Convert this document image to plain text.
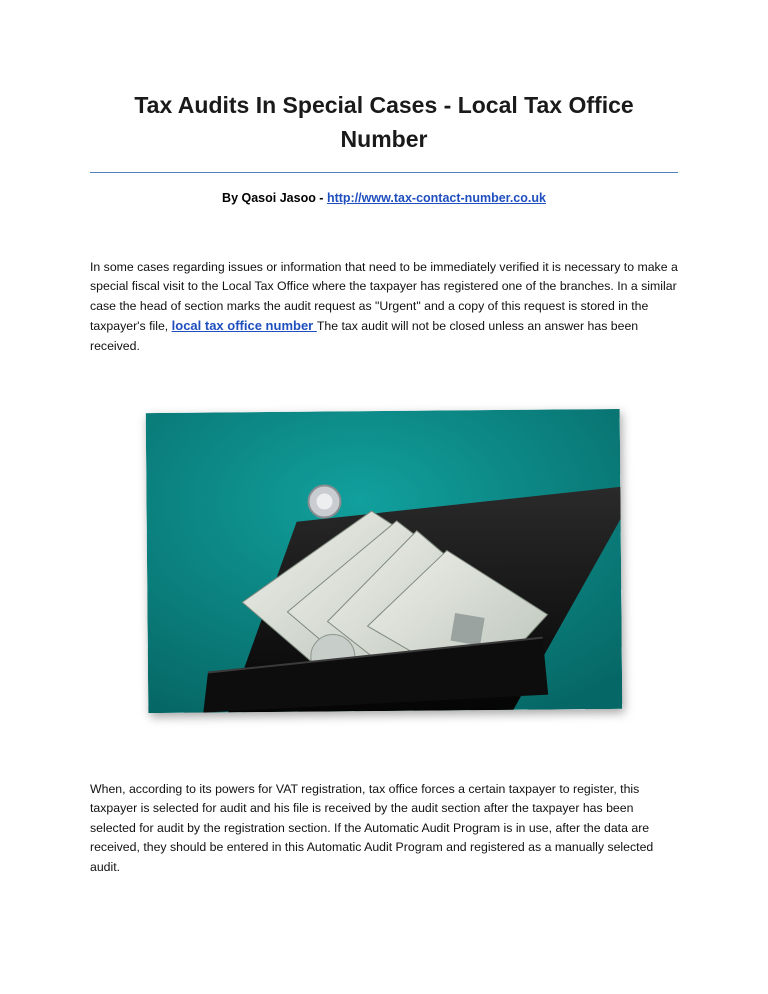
Tax Audits In Special Cases - Local Tax Office Number
By Qasoi Jasoo - http://www.tax-contact-number.co.uk
In some cases regarding issues or information that need to be immediately verified it is necessary to make a special fiscal visit to the Local Tax Office where the taxpayer has registered one of the branches. In a similar case the head of section marks the audit request as "Urgent" and a copy of this request is stored in the taxpayer's file, local tax office number The tax audit will not be closed unless an answer has been received.
When, according to its powers for VAT registration, tax office forces a certain taxpayer to register, this taxpayer is selected for audit and his file is received by the audit section after the taxpayer has been selected for audit by the registration section. If the Automatic Audit Program is in use, after the data are received, they should be entered in this Automatic Audit Program and registered as a manually selected audit.
